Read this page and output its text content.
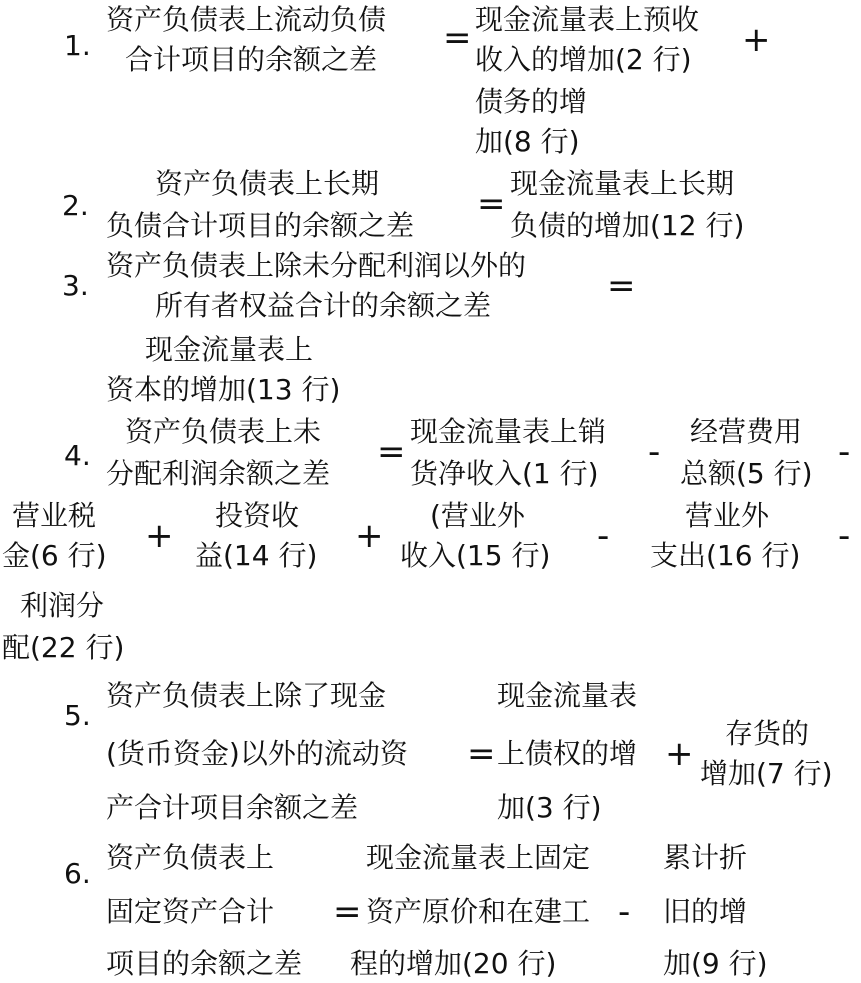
1.
资产负债表上流动负债
合计项目的余额之差
= 现金流量表上预收
收入的增加(2 行) +
债务的增
加(8 行)
2.
资产负债表上长期
负债合计项目的余额之差
=
现金流量表上长期
负债的增加(12 行)
3.
资产负债表上除未分配利润以外的
所有者权益合计的余额之差	=
现金流量表上
资本的增加(13 行)
4.
资产负债表上未
分配利润余额之差
=
现金流量表上销
货净收入(1 行)
-
经营费用
总额(5 行)
-
营业税
金(6 行) +
投资收
益(14 行) +
(营业外
收入(15 行) -
营业外
支出(16 行) -
利润分
配(22 行)
5.
资产负债表上除了现金
(货币资金)以外的流动资
产合计项目余额之差
=
现金流量表
上债权的增
加(3 行)
+
存货的
增加(7 行)
6. 资产负债表上
固定资产合计
项目的余额之差
=
现金流量表上固定
资产原价和在建工
程的增加(20 行)
-
累计折
旧的增
加(9 行)
